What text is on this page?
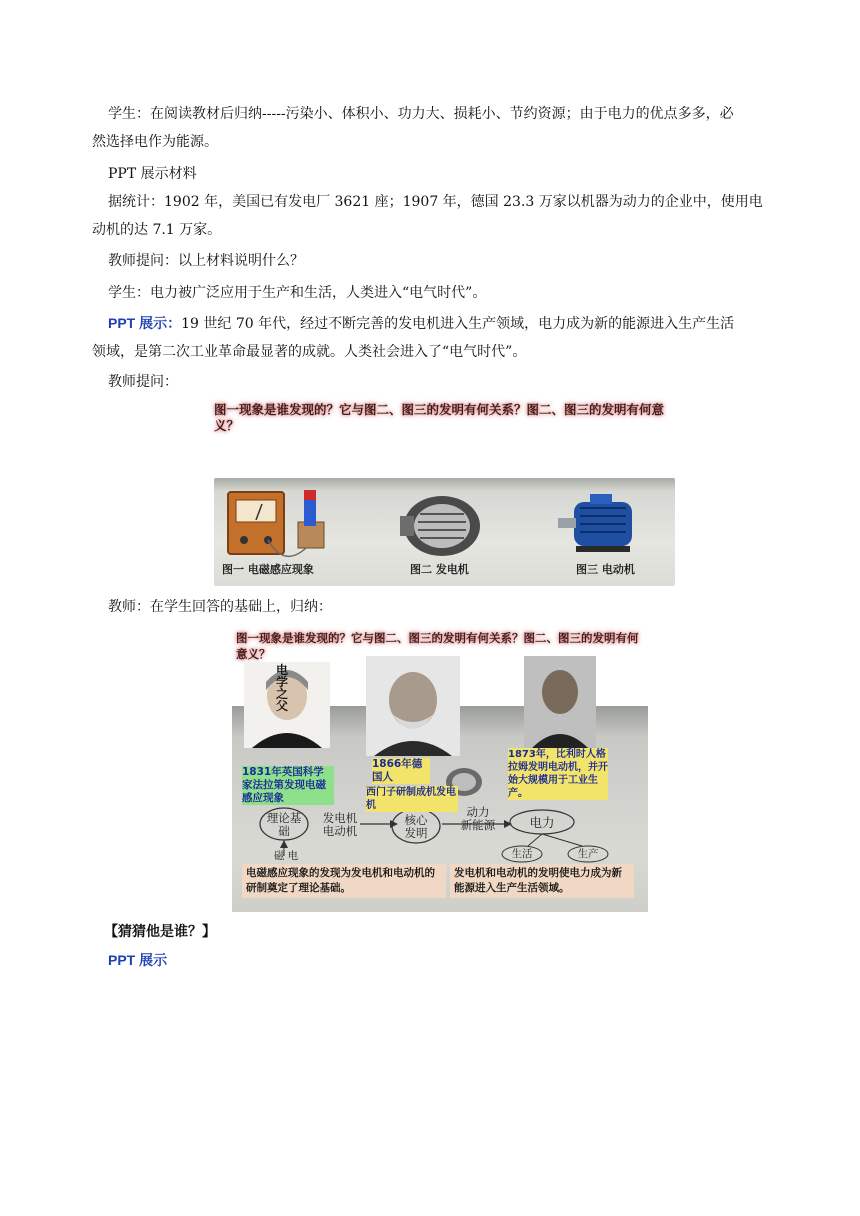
学生：在阅读教材后归纳-----污染小、体积小、功力大、损耗小、节约资源；由于电力的优点多多，必
然选择电作为能源。
PPT 展示材料
据统计：1902 年，美国已有发电厂 3621 座；1907 年，德国 23.3 万家以机器为动力的企业中，使用电
动机的达 7.1 万家。
教师提问：以上材料说明什么？
学生：电力被广泛应用于生产和生活，人类进入“电气时代”。
PPT 展示：19 世纪 70 年代，经过不断完善的发电机进入生产领域，电力成为新的能源进入生产生活
领域，是第二次工业革命最显著的成就。人类社会进入了“电气时代”。
教师提问：
图一现象是谁发现的？它与图二、图三的发明有何关系？图二、图三的发明有何意义？
图一 电磁感应现象	图二 发电机	图三 电动机
教师：在学生回答的基础上，归纳：
图一现象是谁发现的？它与图二、图三的发明有何关系？图二、图三的发明有何意义？
电学之父
1831年英国科学家法拉第发现电磁感应现象
1866年德国人
西门子研制成机发电机
1873年，比利时人格拉姆发明电动机，并开始大规模用于工业生产。
理论基础
发电机
电动机
核心
发明
动力
新能源	电力
生活	生产
磁 电
电磁感应现象的发现为发电机和电动机的研制奠定了理论基础。
发电机和电动机的发明使电力成为新能源进入生产生活领域。
【猜猜他是谁？】
PPT 展示
